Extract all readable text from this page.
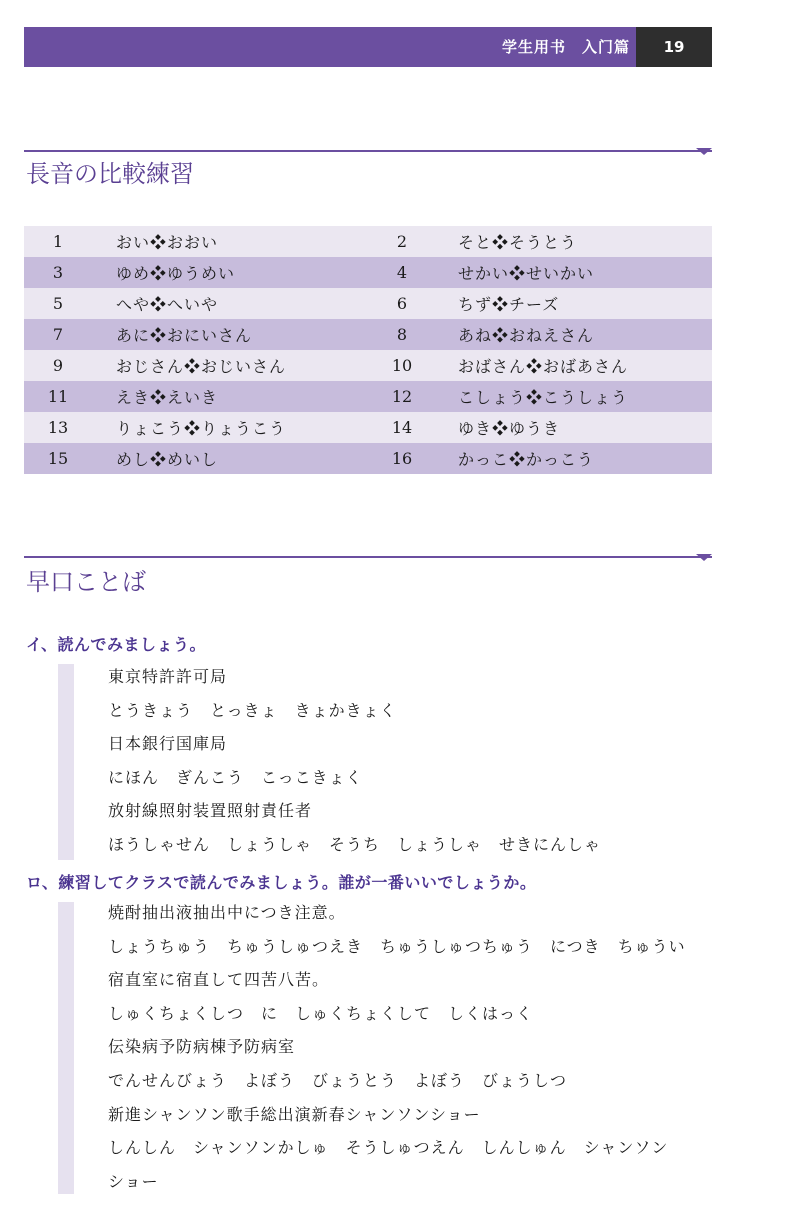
学生用书　入门篇	19
長音の比較練習
1	おい❖おおい	2	そと❖そうとう
3	ゆめ❖ゆうめい	4	せかい❖せいかい
5	へや❖へいや	6	ちず❖チーズ
7	あに❖おにいさん	8	あね❖おねえさん
9	おじさん❖おじいさん	10	おばさん❖おばあさん
11	えき❖えいき	12	こしょう❖こうしょう
13	りょこう❖りょうこう	14	ゆき❖ゆうき
15	めし❖めいし	16	かっこ❖かっこう
早口ことば
イ、読んでみましょう。
東京特許許可局
とうきょう　とっきょ　きょかきょく
日本銀行国庫局
にほん　ぎんこう　こっこきょく
放射線照射装置照射責任者
ほうしゃせん　しょうしゃ　そうち　しょうしゃ　せきにんしゃ
ロ、練習してクラスで読んでみましょう。誰が一番いいでしょうか。
焼酎抽出液抽出中につき注意。
しょうちゅう　ちゅうしゅつえき　ちゅうしゅつちゅう　につき　ちゅうい
宿直室に宿直して四苦八苦。
しゅくちょくしつ　に　しゅくちょくして　しくはっく
伝染病予防病棟予防病室
でんせんびょう　よぼう　びょうとう　よぼう　びょうしつ
新進シャンソン歌手総出演新春シャンソンショー
しんしん　シャンソンかしゅ　そうしゅつえん　しんしゅん　シャンソン
ショー
